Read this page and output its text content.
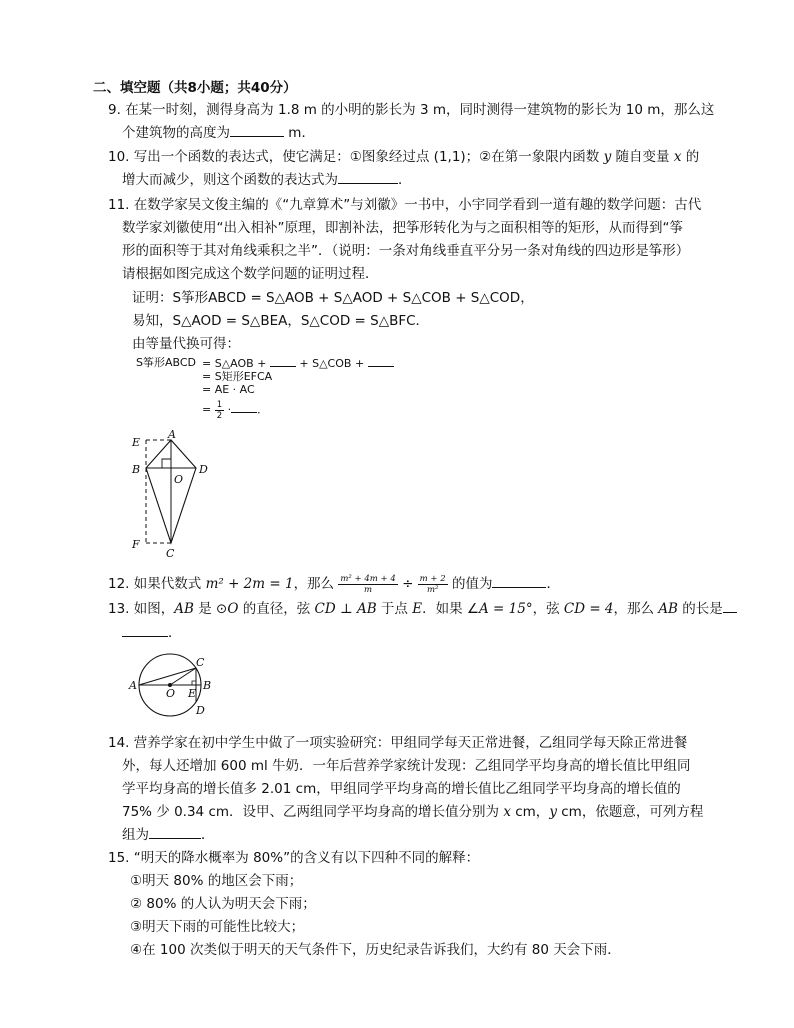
二、填空题（共8小题；共40分）
9. 在某一时刻，测得身高为 1.8 m 的小明的影长为 3 m，同时测得一建筑物的影长为 10 m，那么这
个建筑物的高度为	m．
10. 写出一个函数的表达式，使它满足：①图象经过点 (1,1)；②在第一象限内函数 y 随自变量 x 的
增大而减少，则这个函数的表达式为	．
11. 在数学家吴文俊主编的《“九章算术”与刘徽》一书中，小宇同学看到一道有趣的数学问题：古代
数学家刘徽使用“出入相补”原理，即割补法，把筝形转化为与之面积相等的矩形，从而得到“筝
形的面积等于其对角线乘积之半”．（说明：一条对角线垂直平分另一条对角线的四边形是筝形）
请根据如图完成这个数学问题的证明过程．
证明：S筝形ABCD = S△AOB + S△AOD + S△COB + S△COD，
易知，S△AOD = S△BEA，S△COD = S△BFC．
由等量代换可得：
S筝形ABCD = S△AOB +	+ S△COB +
= S矩形EFCA
= AE · AC
= $\frac{1}{2}$ · ．
E
A
B
O
D
F
C
12. 如果代数式 m² + 2m = 1，那么 $\frac{\text{m² + 4m + 4}}{m} \div \frac{m + 2}{\text{m²}}$ 的值为	．
13. 如图，AB 是 ⊙O 的直径，弦 CD ⊥ AB 于点 E．如果 ∠A = 15°，弦 CD = 4，那么 AB 的长是
．
A
O E
B
C
D
14. 营养学家在初中学生中做了一项实验研究：甲组同学每天正常进餐，乙组同学每天除正常进餐
外，每人还增加 600 ml 牛奶．一年后营养学家统计发现：乙组同学平均身高的增长值比甲组同
学平均身高的增长值多 2.01 cm，甲组同学平均身高的增长值比乙组同学平均身高的增长值的
75% 少 0.34 cm．设甲、乙两组同学平均身高的增长值分别为 x cm，y cm，依题意，可列方程
组为	．
15. “明天的降水概率为 80%”的含义有以下四种不同的解释：
①明天 80% 的地区会下雨；
② 80% 的人认为明天会下雨；
③明天下雨的可能性比较大；
④在 100 次类似于明天的天气条件下，历史纪录告诉我们，大约有 80 天会下雨．
